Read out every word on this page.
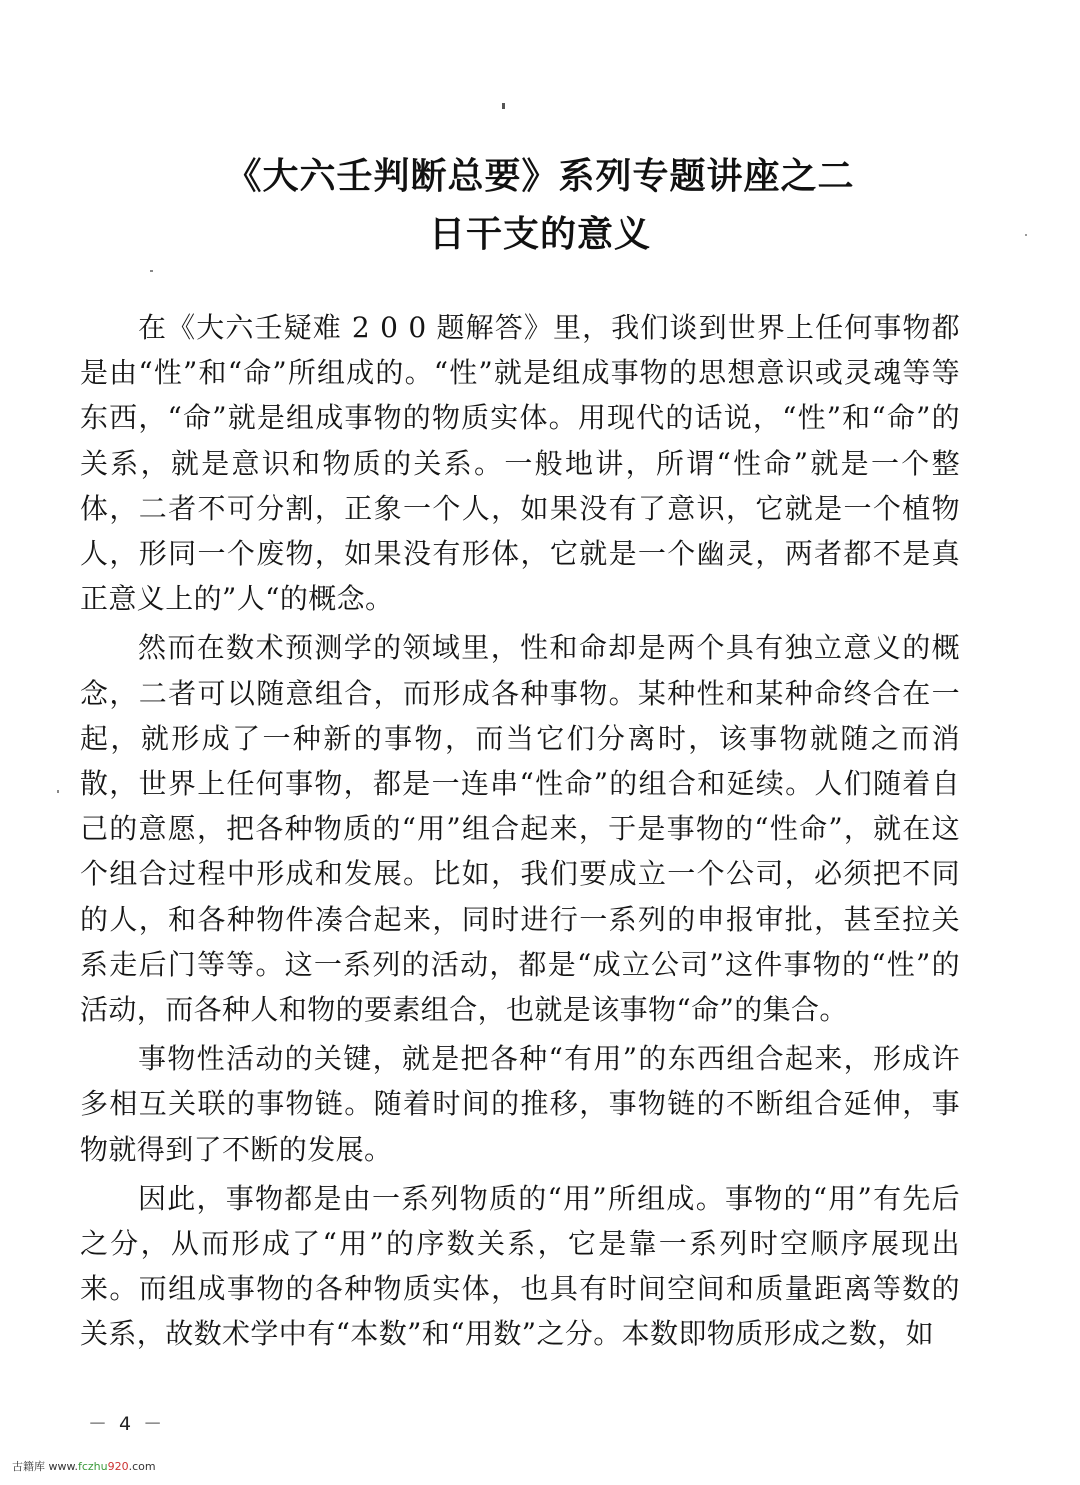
《大六壬判断总要》系列专题讲座之二
日干支的意义

在《大六壬疑难 2 0 0 题解答》里，我们谈到世界上任何事物都是由“性”和“命”所组成的。“性”就是组成事物的思想意识或灵魂等等东西，“命”就是组成事物的物质实体。用现代的话说，“性”和“命”的关系，就是意识和物质的关系。一般地讲，所谓“性命”就是一个整体，二者不可分割，正象一个人，如果没有了意识，它就是一个植物人，形同一个废物，如果没有形体，它就是一个幽灵，两者都不是真正意义上的”人“的概念。

然而在数术预测学的领域里，性和命却是两个具有独立意义的概念，二者可以随意组合，而形成各种事物。某种性和某种命终合在一起，就形成了一种新的事物，而当它们分离时，该事物就随之而消散，世界上任何事物，都是一连串“性命”的组合和延续。人们随着自己的意愿，把各种物质的“用”组合起来，于是事物的“性命”，就在这个组合过程中形成和发展。比如，我们要成立一个公司，必须把不同的人，和各种物件凑合起来，同时进行一系列的申报审批，甚至拉关系走后门等等。这一系列的活动，都是“成立公司”这件事物的“性”的活动，而各种人和物的要素组合，也就是该事物“命”的集合。

事物性活动的关键，就是把各种“有用”的东西组合起来，形成许多相互关联的事物链。随着时间的推移，事物链的不断组合延伸，事物就得到了不断的发展。

因此，事物都是由一系列物质的“用”所组成。事物的“用”有先后之分，从而形成了“用”的序数关系，它是靠一系列时空顺序展现出来。而组成事物的各种物质实体，也具有时间空间和质量距离等数的关系，故数术学中有“本数”和“用数”之分。本数即物质形成之数，如

－ 4 －
古籍库 www.fczhu920.com
